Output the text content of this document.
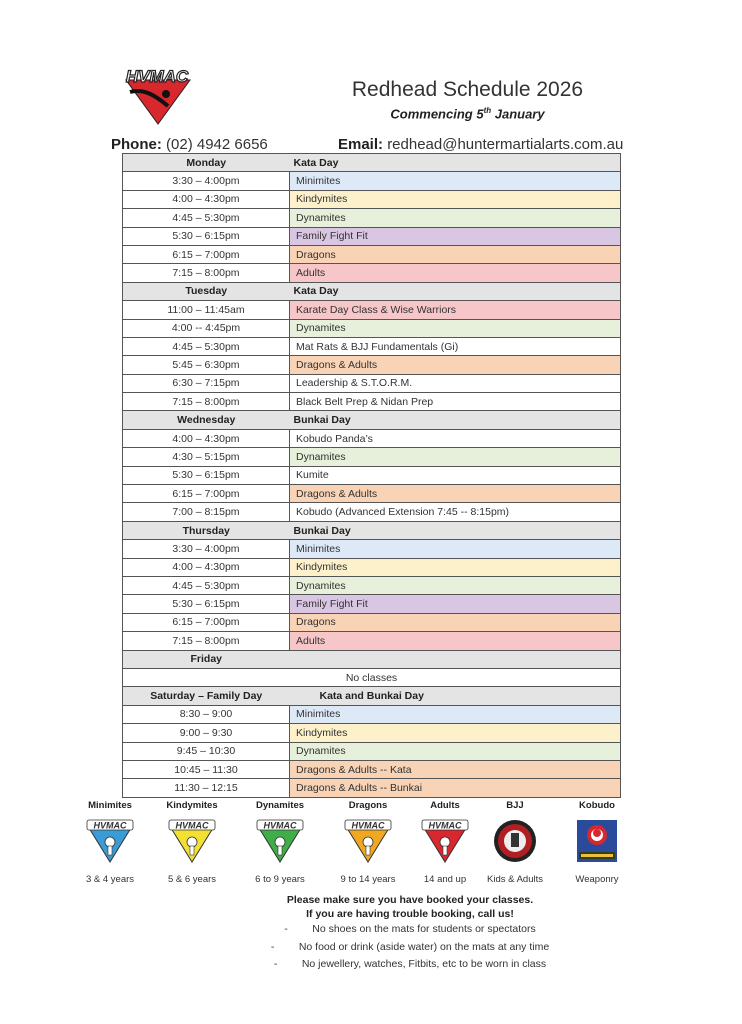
HVMAC
Redhead Schedule 2026
Commencing 5th January
Phone: (02) 4942 6656	Email: redhead@huntermartialarts.com.au
Monday	Kata Day
3:30 – 4:00pm	Minimites
4:00 – 4:30pm	Kindymites
4:45 – 5:30pm	Dynamites
5:30 – 6:15pm	Family Fight Fit
6:15 – 7:00pm	Dragons
7:15 – 8:00pm	Adults
Tuesday	Kata Day
11:00 – 11:45am	Karate Day Class & Wise Warriors
4:00 -- 4:45pm	Dynamites
4:45 – 5:30pm	Mat Rats & BJJ Fundamentals (Gi)
5:45 – 6:30pm	Dragons & Adults
6:30 – 7:15pm	Leadership & S.T.O.R.M.
7:15 – 8:00pm	Black Belt Prep & Nidan Prep
Wednesday	Bunkai Day
4:00 – 4:30pm	Kobudo Panda’s
4:30 – 5:15pm	Dynamites
5:30 – 6:15pm	Kumite
6:15 – 7:00pm	Dragons & Adults
7:00 – 8:15pm	Kobudo (Advanced Extension 7:45 -- 8:15pm)
Thursday	Bunkai Day
3:30 – 4:00pm	Minimites
4:00 – 4:30pm	Kindymites
4:45 – 5:30pm	Dynamites
5:30 – 6:15pm	Family Fight Fit
6:15 – 7:00pm	Dragons
7:15 – 8:00pm	Adults
Friday	
No classes	
Saturday – Family Day	Kata and Bunkai Day
8:30 – 9:00	Minimites
9:00 – 9:30	Kindymites
9:45 – 10:30	Dynamites
10:45 – 11:30	Dragons & Adults -- Kata
11:30 – 12:15	Dragons & Adults -- Bunkai
Minimites
HVMAC
3 & 4 years
Kindymites
HVMAC
5 & 6 years
Dynamites
HVMAC
6 to 9 years
Dragons
HVMAC
9 to 14 years
Adults
HVMAC
14 and up
BJJ
Kids & Adults
Kobudo
Weaponry
Please make sure you have booked your classes.
If you are having trouble booking, call us!
- No shoes on the mats for students or spectators
- No food or drink (aside water) on the mats at any time
- No jewellery, watches, Fitbits, etc to be worn in class
